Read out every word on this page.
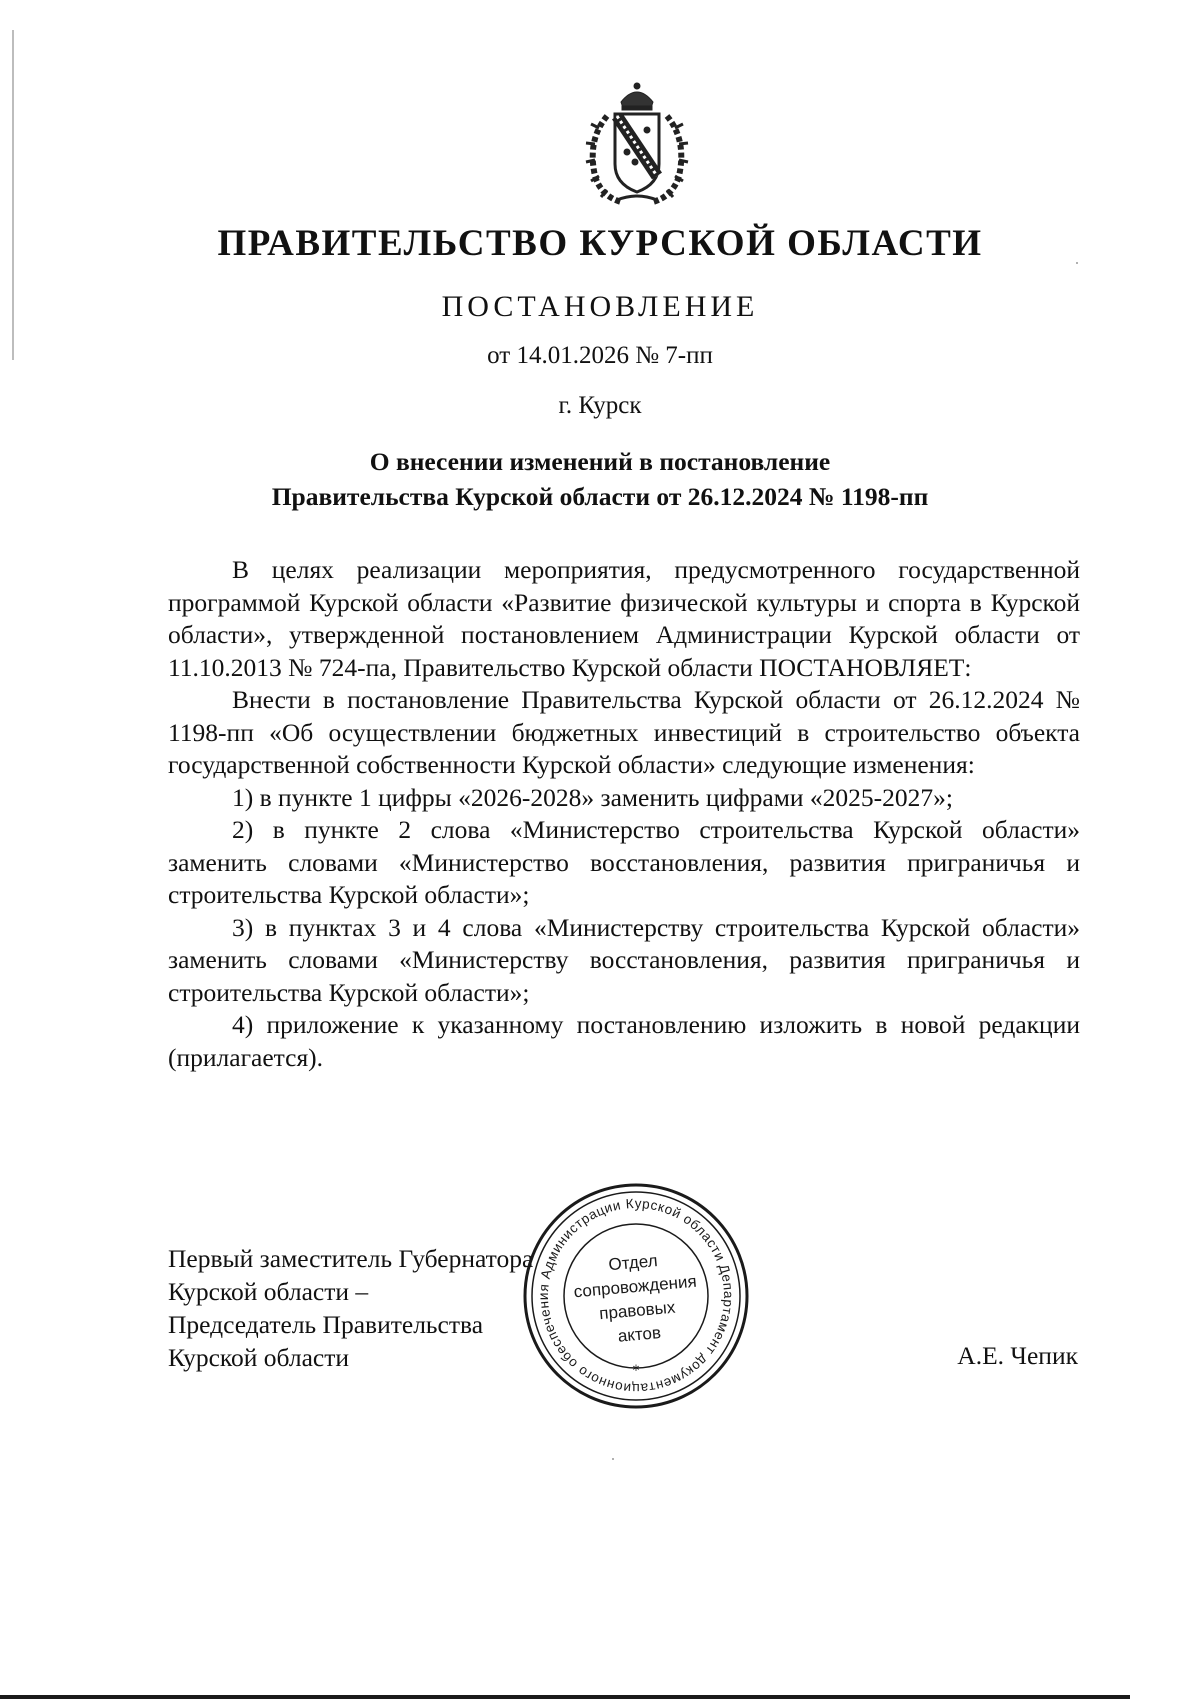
ПРАВИТЕЛЬСТВО КУРСКОЙ ОБЛАСТИ
ПОСТАНОВЛЕНИЕ
от 14.01.2026 № 7-пп
г. Курск
О внесении изменений в постановление
Правительства Курской области от 26.12.2024 № 1198-пп

В целях реализации мероприятия, предусмотренного государственной программой Курской области «Развитие физической культуры и спорта в Курской области», утвержденной постановлением Администрации Курской области от 11.10.2013 № 724-па, Правительство Курской области ПОСТАНОВЛЯЕТ:

Внести в постановление Правительства Курской области от 26.12.2024 № 1198-пп «Об осуществлении бюджетных инвестиций в строительство объекта государственной собственности Курской области» следующие изменения:

1) в пункте 1 цифры «2026-2028» заменить цифрами «2025-2027»;

2) в пункте 2 слова «Министерство строительства Курской области» заменить словами «Министерство восстановления, развития приграничья и строительства Курской области»;

3) в пунктах 3 и 4 слова «Министерству строительства Курской области» заменить словами «Министерству восстановления, развития приграничья и строительства Курской области»;

4) приложение к указанному постановлению изложить в новой редакции (прилагается).

Первый заместитель Губернатора
Курской области –
Председатель Правительства
Курской области	А.Е. Чепик
Департамент документационного обеспечения Администрации Курской области
*
Отдел
сопровождения
правовых
актов
